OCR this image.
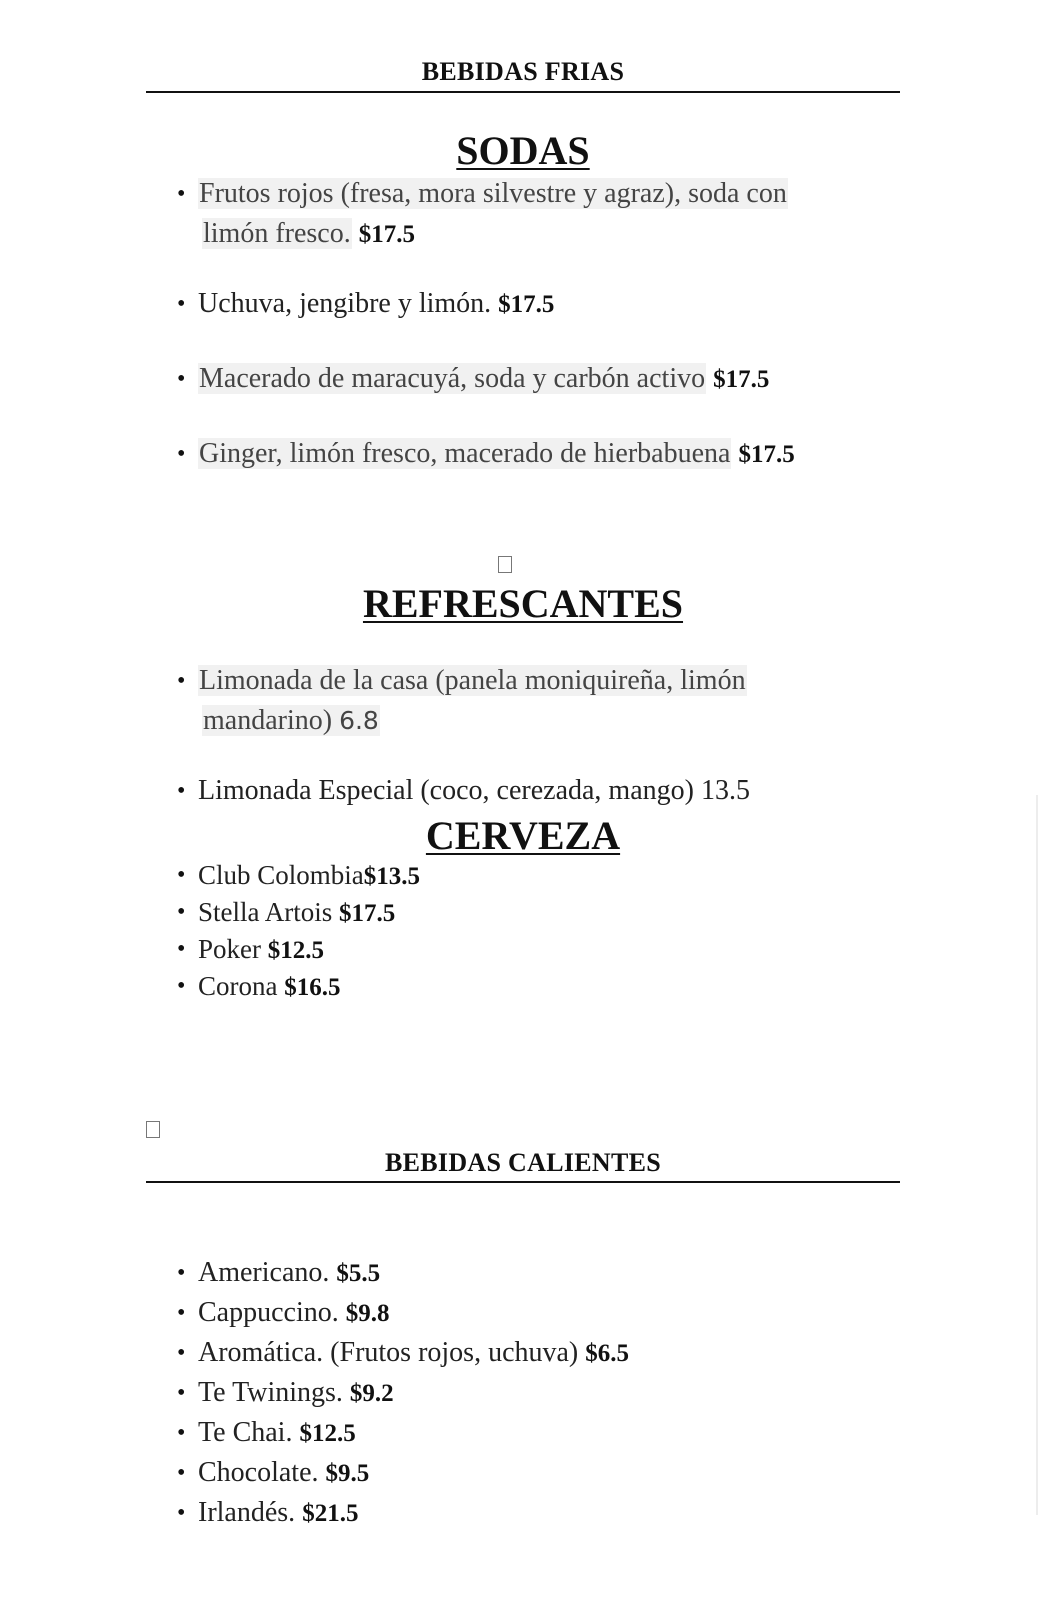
BEBIDAS FRIAS
SODAS
• Frutos rojos (fresa, mora silvestre y agraz), soda con
limón fresco. $17.5
• Uchuva, jengibre y limón. $17.5
• Macerado de maracuyá, soda y carbón activo $17.5
• Ginger, limón fresco, macerado de hierbabuena $17.5
REFRESCANTES
• Limonada de la casa (panela moniquireña, limón
mandarino) 6.8
• Limonada Especial (coco, cerezada, mango) 13.5
CERVEZA
• Club Colombia$13.5
• Stella Artois $17.5
• Poker $12.5
• Corona $16.5
BEBIDAS CALIENTES
• Americano. $5.5
• Cappuccino. $9.8
• Aromática. (Frutos rojos, uchuva) $6.5
• Te Twinings. $9.2
• Te Chai. $12.5
• Chocolate. $9.5
• Irlandés. $21.5
